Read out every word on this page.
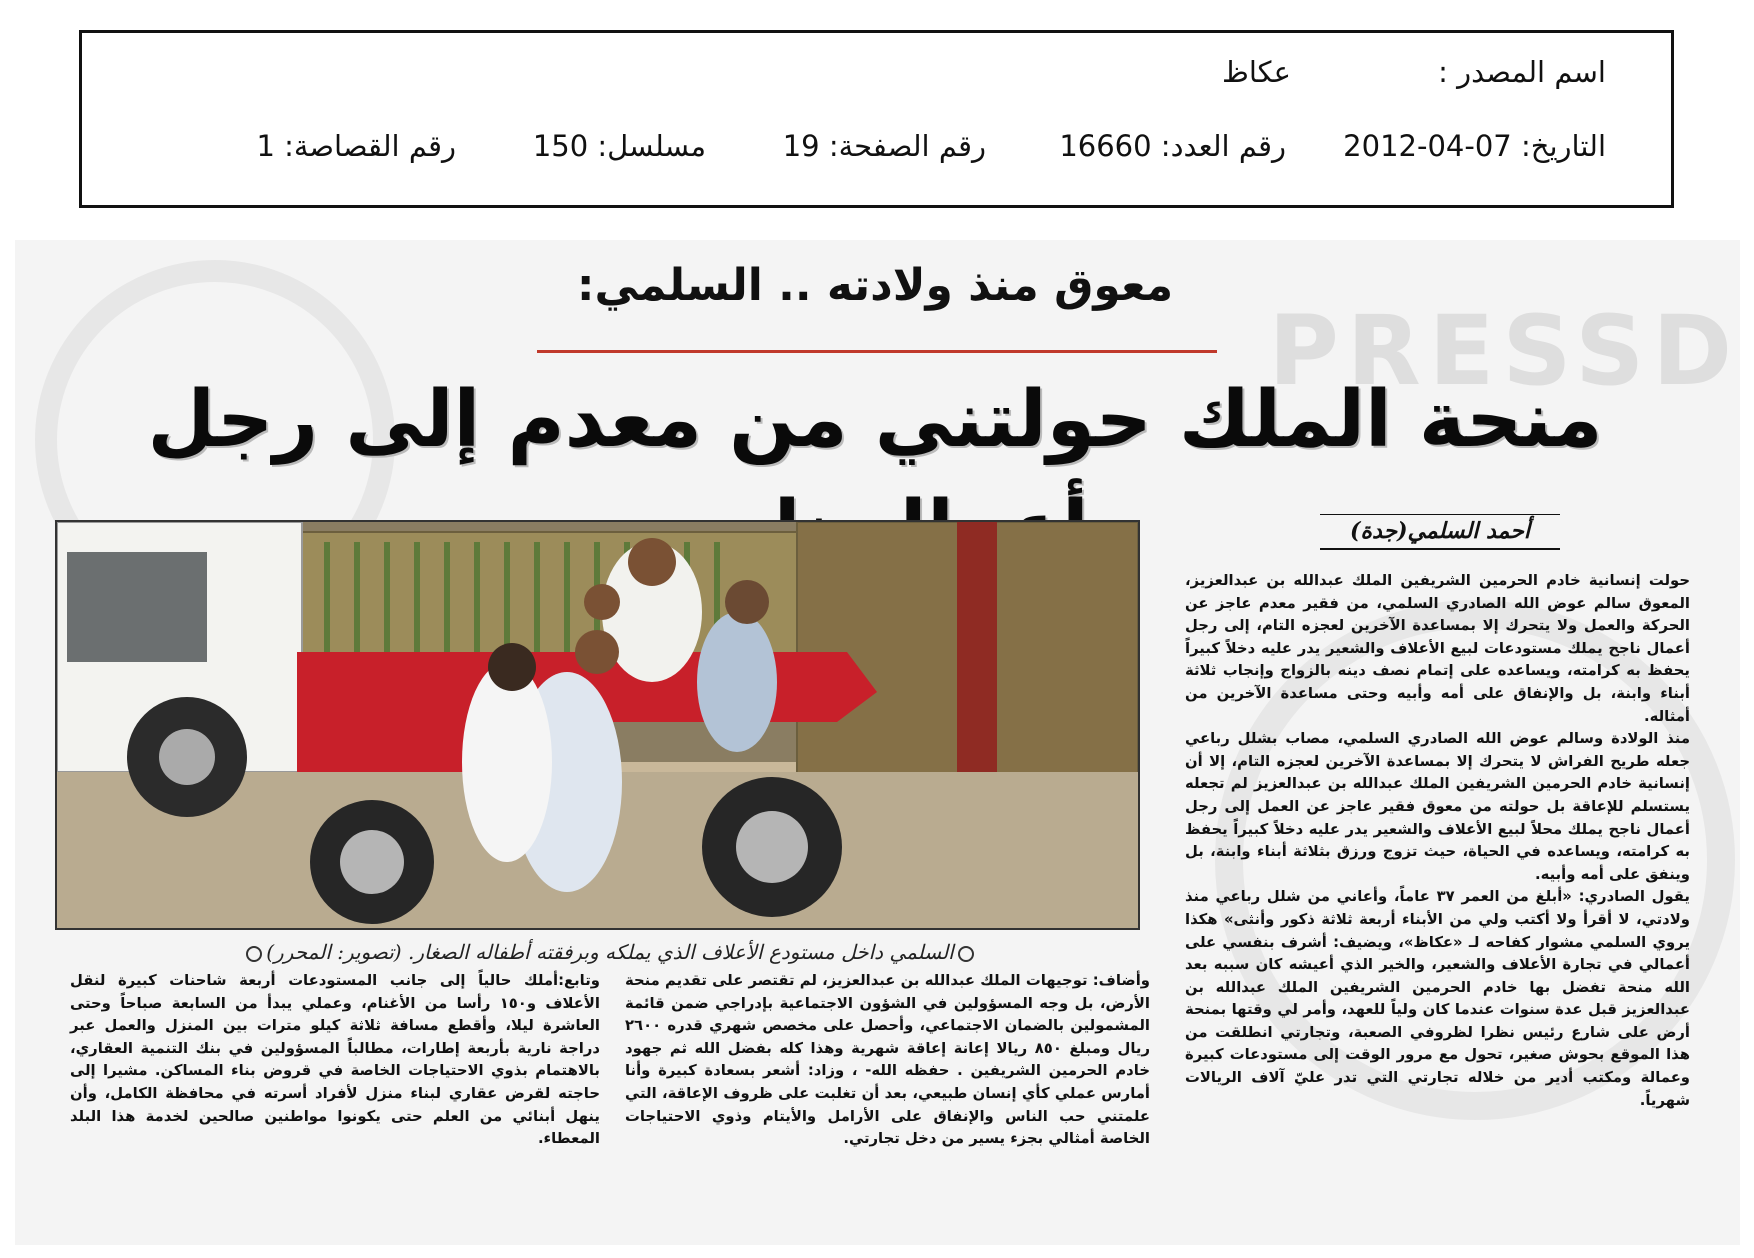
اسم المصدر :
عكاظ
التاريخ: 07-04-2012
رقم العدد: 16660
رقم الصفحة: 19
مسلسل: 150
رقم القصاصة: 1
PRESSD
معوق منذ ولادته .. السلمي:
منحة الملك حولتني من معدم إلى رجل
أحمد السلمي(جدة)
السلمي داخل مستودع الأعلاف الذي يملكه وبرفقته أطفاله الصغار. (تصوير: المحرر)

حولت إنسانية خادم الحرمين الشريفين الملك عبدالله بن عبدالعزيز، المعوق سالم عوض الله الصادري السلمي، من فقير معدم عاجز عن الحركة والعمل ولا يتحرك إلا بمساعدة الآخرين لعجزه التام، إلى رجل أعمال ناجح يملك مستودعات لبيع الأعلاف والشعير يدر عليه دخلاً كبيراً يحفظ به كرامته، ويساعده على إتمام نصف دينه بالزواج وإنجاب ثلاثة أبناء وابنة، بل والإنفاق على أمه وأبيه وحتى مساعدة الآخرين من أمثاله.

منذ الولادة وسالم عوض الله الصادري السلمي، مصاب بشلل رباعي جعله طريح الفراش لا يتحرك إلا بمساعدة الآخرين لعجزه التام، إلا أن إنسانية خادم الحرمين الشريفين الملك عبدالله بن عبدالعزيز لم تجعله يستسلم للإعاقة بل حولته من معوق فقير عاجز عن العمل إلى رجل أعمال ناجح يملك محلاً لبيع الأعلاف والشعير يدر عليه دخلاً كبيراً يحفظ به كرامته، ويساعده في الحياة، حيث تزوج ورزق بثلاثة أبناء وابنة، بل وينفق على أمه وأبيه.

يقول الصادري: «أبلغ من العمر ٣٧ عاماً، وأعاني من شلل رباعي منذ ولادتي، لا أقرأ ولا أكتب ولي من الأبناء أربعة ثلاثة ذكور وأنثى» هكذا يروي السلمي مشوار كفاحه لـ «عكاظ»، ويضيف: أشرف بنفسي على أعمالي في تجارة الأعلاف والشعير، والخير الذي أعيشه كان سببه بعد الله منحة تفضل بها خادم الحرمين الشريفين الملك عبدالله بن عبدالعزيز قبل عدة سنوات عندما كان ولياً للعهد، وأمر لي وقتها بمنحة أرض على شارع رئيس نظرا لظروفي الصعبة، وتجارتي انطلقت من هذا الموقع بحوش صغير، تحول مع مرور الوقت إلى مستودعات كبيرة وعمالة ومكتب أدير من خلاله تجارتي التي تدر عليّ آلاف الريالات شهرياً.

وأضاف: توجيهات الملك عبدالله بن عبدالعزيز، لم تقتصر على تقديم منحة الأرض، بل وجه المسؤولين في الشؤون الاجتماعية بإدراجي ضمن قائمة المشمولين بالضمان الاجتماعي، وأحصل على مخصص شهري قدره ٢٦٠٠ ريال ومبلغ ٨٥٠ ريالا إعانة إعاقة شهرية وهذا كله بفضل الله ثم جهود خادم الحرمين الشريفين . حفظه الله- ، وزاد: أشعر بسعادة كبيرة وأنا أمارس عملي كأي إنسان طبيعي، بعد أن تغلبت على ظروف الإعاقة، التي علمتني حب الناس والإنفاق على الأرامل والأيتام وذوي الاحتياجات الخاصة أمثالي بجزء يسير من دخل تجارتي.

وتابع:أملك حالياً إلى جانب المستودعات أربعة شاحنات كبيرة لنقل الأعلاف و١٥٠ رأسا من الأغنام، وعملي يبدأ من السابعة صباحاً وحتى العاشرة ليلا، وأقطع مسافة ثلاثة كيلو مترات بين المنزل والعمل عبر دراجة نارية بأربعة إطارات، مطالباً المسؤولين في بنك التنمية العقاري، بالاهتمام بذوي الاحتياجات الخاصة في قروض بناء المساكن. مشيرا إلى حاجته لقرض عقاري لبناء منزل لأفراد أسرته في محافظة الكامل، وأن ينهل أبنائي من العلم حتى يكونوا مواطنين صالحين لخدمة هذا البلد المعطاء.
